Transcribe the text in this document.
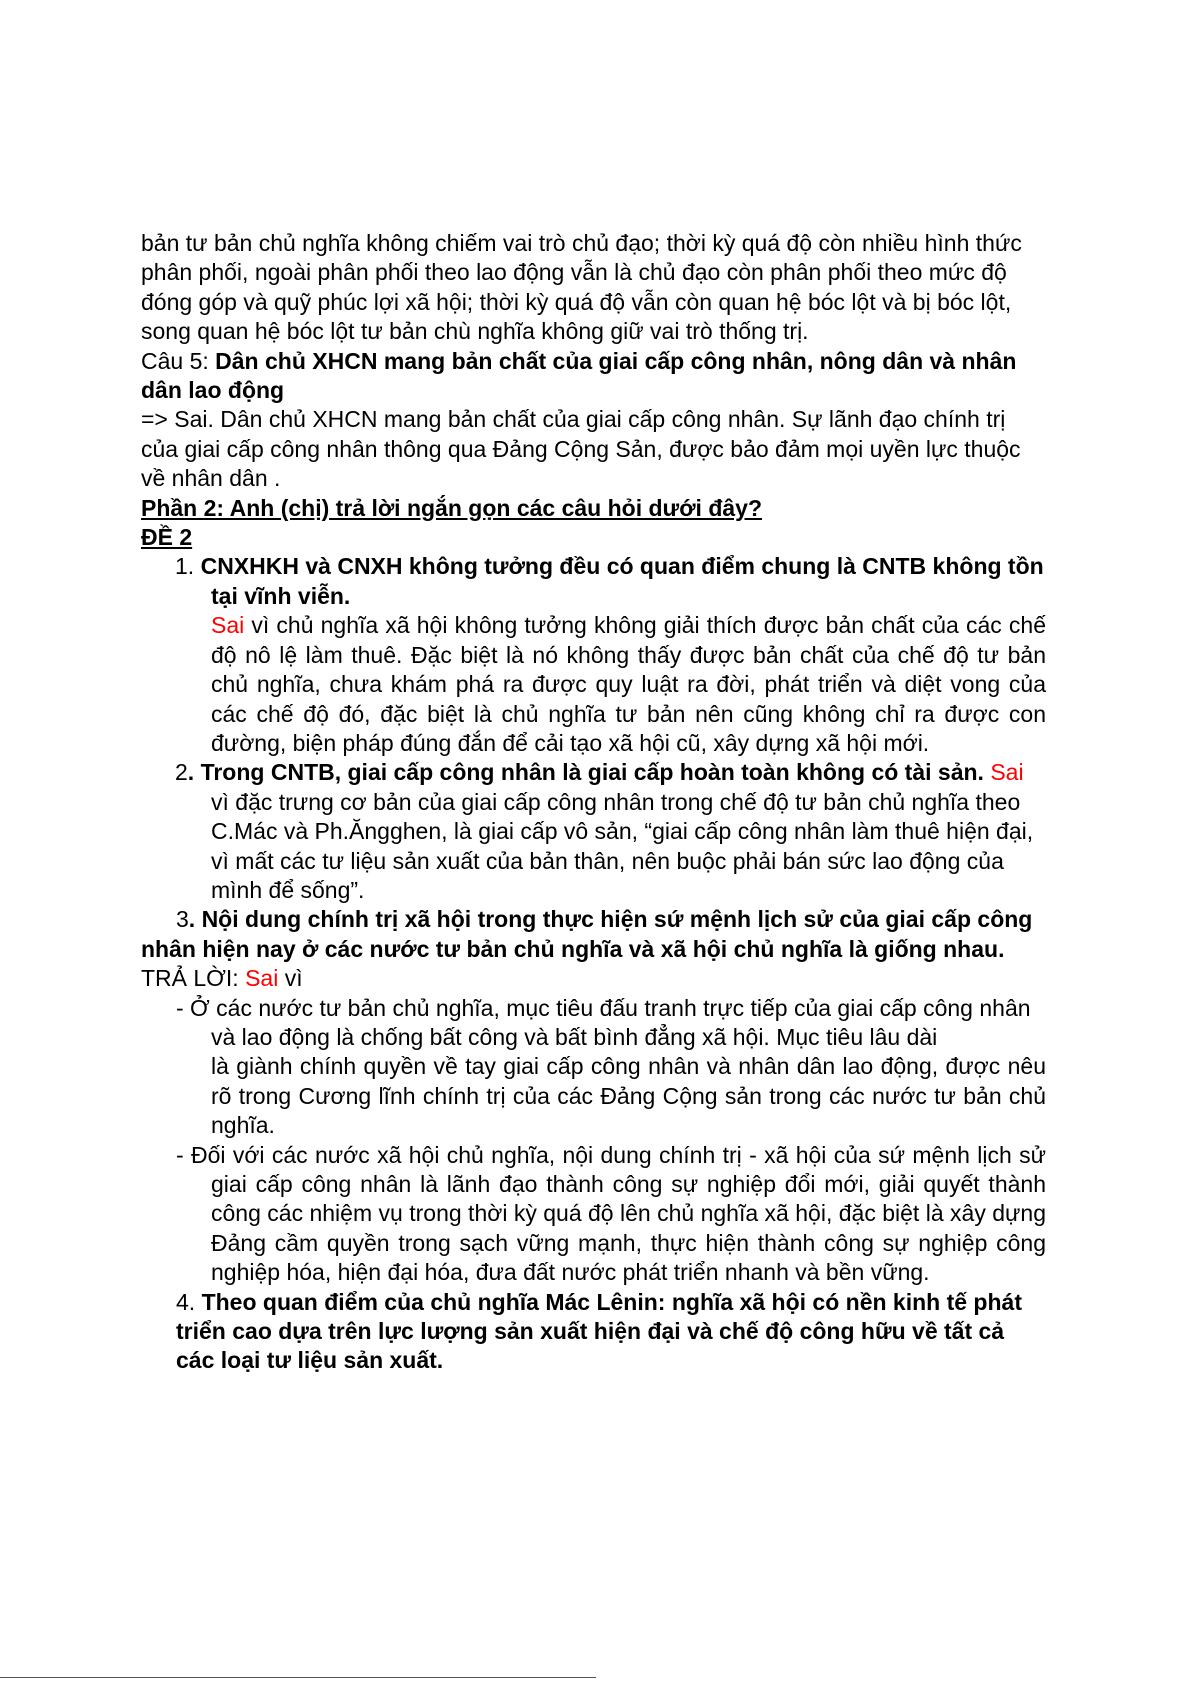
bản tư bản chủ nghĩa không chiếm vai trò chủ đạo; thời kỳ quá độ còn nhiều hình thức phân phối, ngoài phân phối theo lao động vẫn là chủ đạo còn phân phối theo mức độ đóng góp và quỹ phúc lợi xã hội; thời kỳ quá độ vẫn còn quan hệ bóc lột và bị bóc lột, song quan hệ bóc lột tư bản chù nghĩa không giữ vai trò thống trị.

Câu 5: Dân chủ XHCN mang bản chất của giai cấp công nhân, nông dân và nhân dân lao động

=> Sai. Dân chủ XHCN mang bản chất của giai cấp công nhân. Sự lãnh đạo chính trị của giai cấp công nhân thông qua Đảng Cộng Sản, được bảo đảm mọi uyền lực thuộc về nhân dân .

Phần 2: Anh (chị) trả lời ngắn gọn các câu hỏi dưới đây?

ĐỀ 2

1. CNXHKH và CNXH không tưởng đều có quan điểm chung là CNTB không tồn tại vĩnh viễn.

Sai vì chủ nghĩa xã hội không tưởng không giải thích được bản chất của các chế độ nô lệ làm thuê. Đặc biệt là nó không thấy được bản chất của chế độ tư bản chủ nghĩa, chưa khám phá ra được quy luật ra đời, phát triển và diệt vong của các chế độ đó, đặc biệt là chủ nghĩa tư bản nên cũng không chỉ ra được con đường, biện pháp đúng đắn để cải tạo xã hội cũ, xây dựng xã hội mới.

2. Trong CNTB, giai cấp công nhân là giai cấp hoàn toàn không có tài sản. Sai vì đặc trưng cơ bản của giai cấp công nhân trong chế độ tư bản chủ nghĩa theo C.Mác và Ph.Ăngghen, là giai cấp vô sản, “giai cấp công nhân làm thuê hiện đại, vì mất các tư liệu sản xuất của bản thân, nên buộc phải bán sức lao động của mình để sống”.

3. Nội dung chính trị xã hội trong thực hiện sứ mệnh lịch sử của giai cấp công nhân hiện nay ở các nước tư bản chủ nghĩa và xã hội chủ nghĩa là giống nhau. TRẢ LỜI: Sai vì

- Ở các nước tư bản chủ nghĩa, mục tiêu đấu tranh trực tiếp của giai cấp công nhân và lao động là chống bất công và bất bình đẳng xã hội. Mục tiêu lâu dài

là giành chính quyền về tay giai cấp công nhân và nhân dân lao động, được nêu rõ trong Cương lĩnh chính trị của các Đảng Cộng sản trong các nước tư bản chủ nghĩa.

- Đối với các nước xã hội chủ nghĩa, nội dung chính trị - xã hội của sứ mệnh lịch sử giai cấp công nhân là lãnh đạo thành công sự nghiệp đổi mới, giải quyết thành công các nhiệm vụ trong thời kỳ quá độ lên chủ nghĩa xã hội, đặc biệt là xây dựng Đảng cầm quyền trong sạch vững mạnh, thực hiện thành công sự nghiệp công nghiệp hóa, hiện đại hóa, đưa đất nước phát triển nhanh và bền vững.

4. Theo quan điểm của chủ nghĩa Mác Lênin: nghĩa xã hội có nền kinh tế phát triển cao dựa trên lực lượng sản xuất hiện đại và chế độ công hữu về tất cả các loại tư liệu sản xuất.
